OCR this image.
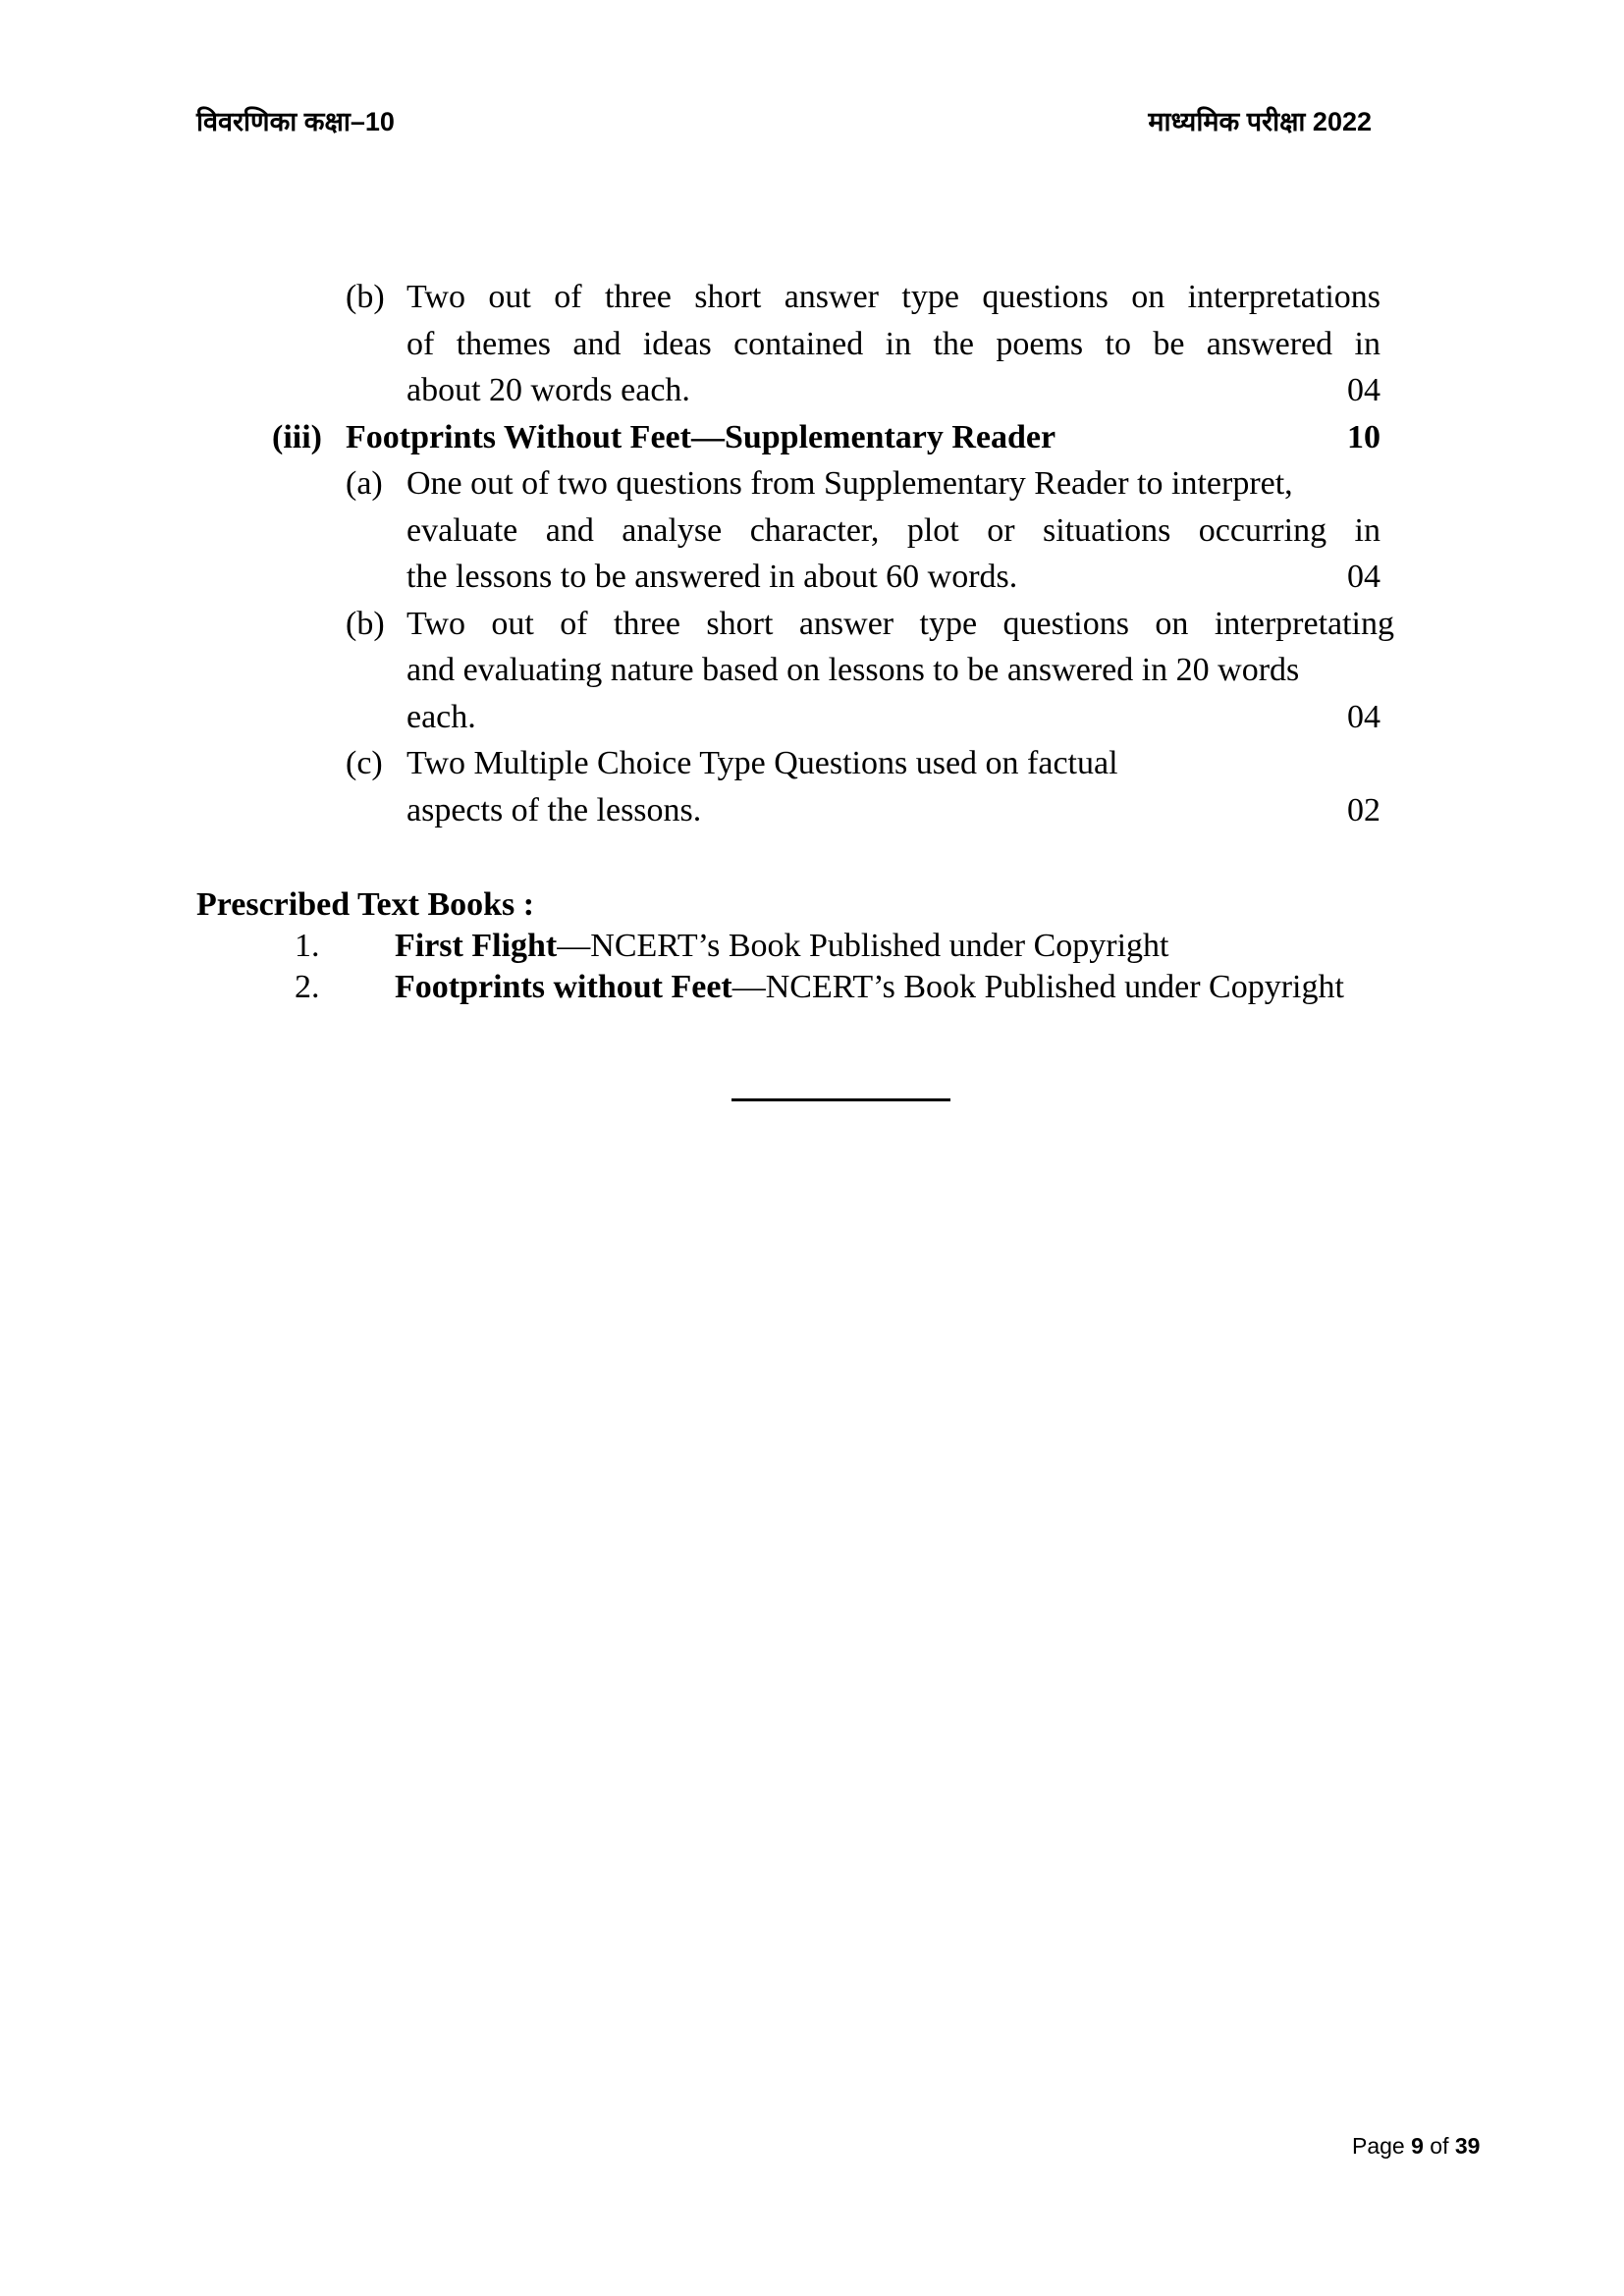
विवरणिका कक्षा–10	माध्यमिक परीक्षा 2022
(b) Two out of three short answer type questions on interpretations
of themes and ideas contained in the poems to be answered in
about 20 words each.	04
(iii) Footprints Without Feet—Supplementary Reader	10
(a) One out of two questions from Supplementary Reader to interpret,
evaluate and analyse character, plot or situations occurring in
the lessons to be answered in about 60 words.	04
(b) Two out of three short answer type questions on interpretating
and evaluating nature based on lessons to be answered in 20 words
each.	04
(c) Two Multiple Choice Type Questions used on factual
aspects of the lessons.	02
Prescribed Text Books :
1. First Flight—NCERT’s Book Published under Copyright
2. Footprints without Feet—NCERT’s Book Published under Copyright
Page 9 of 39
